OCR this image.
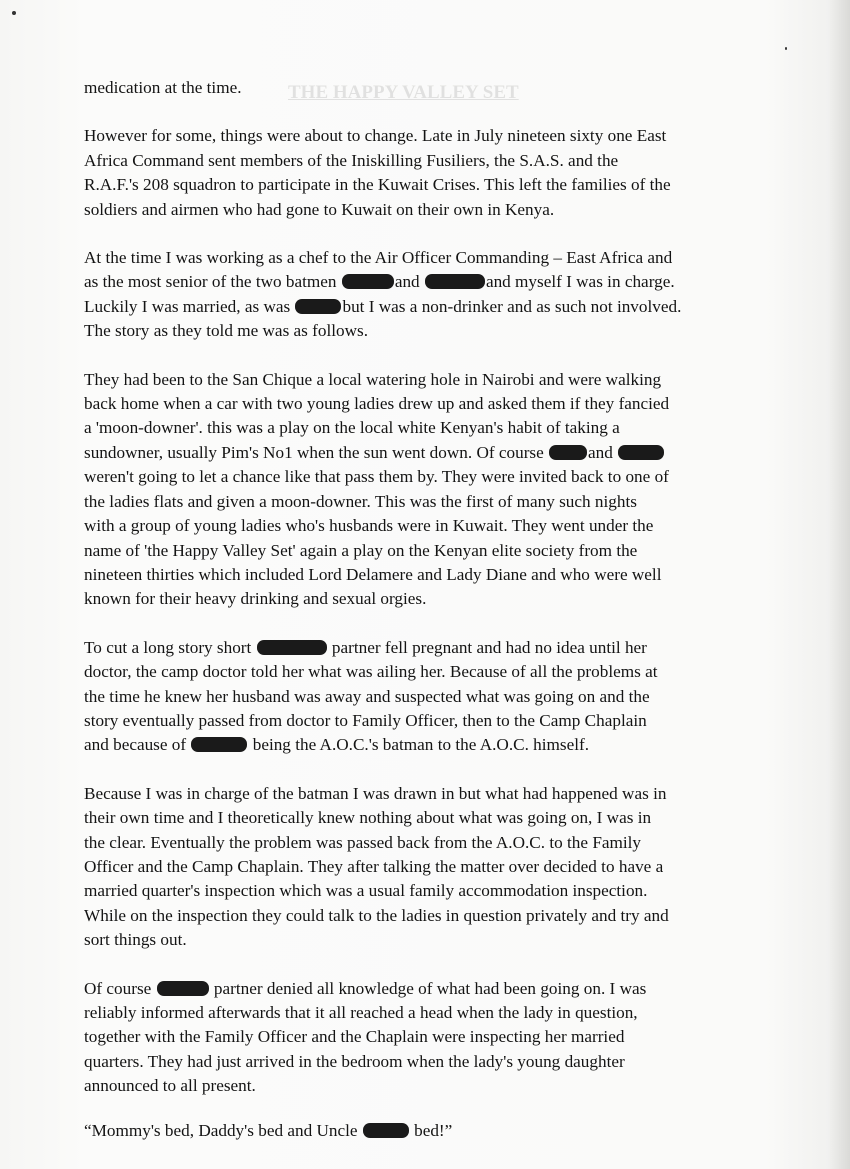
THE HAPPY VALLEY SET

medication at the time.

However for some, things were about to change. Late in July nineteen sixty one East
Africa Command sent members of the Iniskilling Fusiliers, the S.A.S. and the
R.A.F.'s 208 squadron to participate in the Kuwait Crises. This left the families of the
soldiers and airmen who had gone to Kuwait on their own in Kenya.

At the time I was working as a chef to the Air Officer Commanding – East Africa and
as the most senior of the two batmen	and	and myself I was in charge.
Luckily I was married, as was	but I was a non-drinker and as such not involved.
The story as they told me was as follows.

They had been to the San Chique a local watering hole in Nairobi and were walking
back home when a car with two young ladies drew up and asked them if they fancied
a 'moon-downer'. this was a play on the local white Kenyan's habit of taking a
sundowner, usually Pim's No1 when the sun went down. Of course and
weren't going to let a chance like that pass them by. They were invited back to one of
the ladies flats and given a moon-downer. This was the first of many such nights
with a group of young ladies who's husbands were in Kuwait. They went under the
name of 'the Happy Valley Set' again a play on the Kenyan elite society from the
nineteen thirties which included Lord Delamere and Lady Diane and who were well
known for their heavy drinking and sexual orgies.

To cut a long story short	partner fell pregnant and had no idea until her
doctor, the camp doctor told her what was ailing her. Because of all the problems at
the time he knew her husband was away and suspected what was going on and the
story eventually passed from doctor to Family Officer, then to the Camp Chaplain
and because of	being the A.O.C.'s batman to the A.O.C. himself.

Because I was in charge of the batman I was drawn in but what had happened was in
their own time and I theoretically knew nothing about what was going on, I was in
the clear. Eventually the problem was passed back from the A.O.C. to the Family
Officer and the Camp Chaplain. They after talking the matter over decided to have a
married quarter's inspection which was a usual family accommodation inspection.
While on the inspection they could talk to the ladies in question privately and try and
sort things out.

Of course	partner denied all knowledge of what had been going on. I was
reliably informed afterwards that it all reached a head when the lady in question,
together with the Family Officer and the Chaplain were inspecting her married
quarters. They had just arrived in the bedroom when the lady's young daughter
announced to all present.

“Mommy's bed, Daddy's bed and Uncle	bed!”
